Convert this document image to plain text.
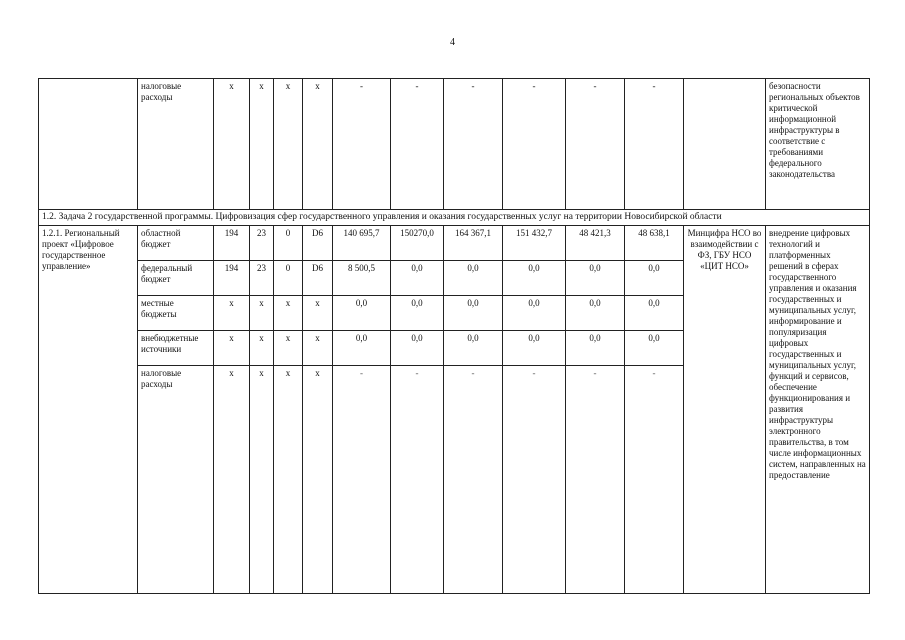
4
	налоговые расходы	х	х	х	х	-	-	-	-	-	-		безопасности региональных объектов критической информационной инфраструктуры в соответствие с требованиями федерального законодательства
1.2. Задача 2 государственной программы. Цифровизация сфер государственного управления и оказания государственных услуг на территории Новосибирской области													
1.2.1. Региональный проект «Цифровое государственное управление»	областной бюджет	194	23	0	D6	140 695,7	150270,0	164 367,1	151 432,7	48 421,3	48 638,1	Минцифра НСО во взаимодействии с ФЗ, ГБУ НСО «ЦИТ НСО»	внедрение цифровых технологий и платформенных решений в сферах государственного управления и оказания государственных и муниципальных услуг, информирование и популяризация цифровых государственных и муниципальных услуг, функций и сервисов, обеспечение функционирования и развития инфраструктуры электронного правительства, в том числе информационных систем, направленных на предоставление
	федеральный бюджет	194	23	0	D6	8 500,5	0,0	0,0	0,0	0,0	0,0		
	местные бюджеты	х	х	х	х	0,0	0,0	0,0	0,0	0,0	0,0		
	внебюджетные источники	х	х	х	х	0,0	0,0	0,0	0,0	0,0	0,0		
	налоговые расходы	х	х	х	х	-	-	-	-	-	-		
